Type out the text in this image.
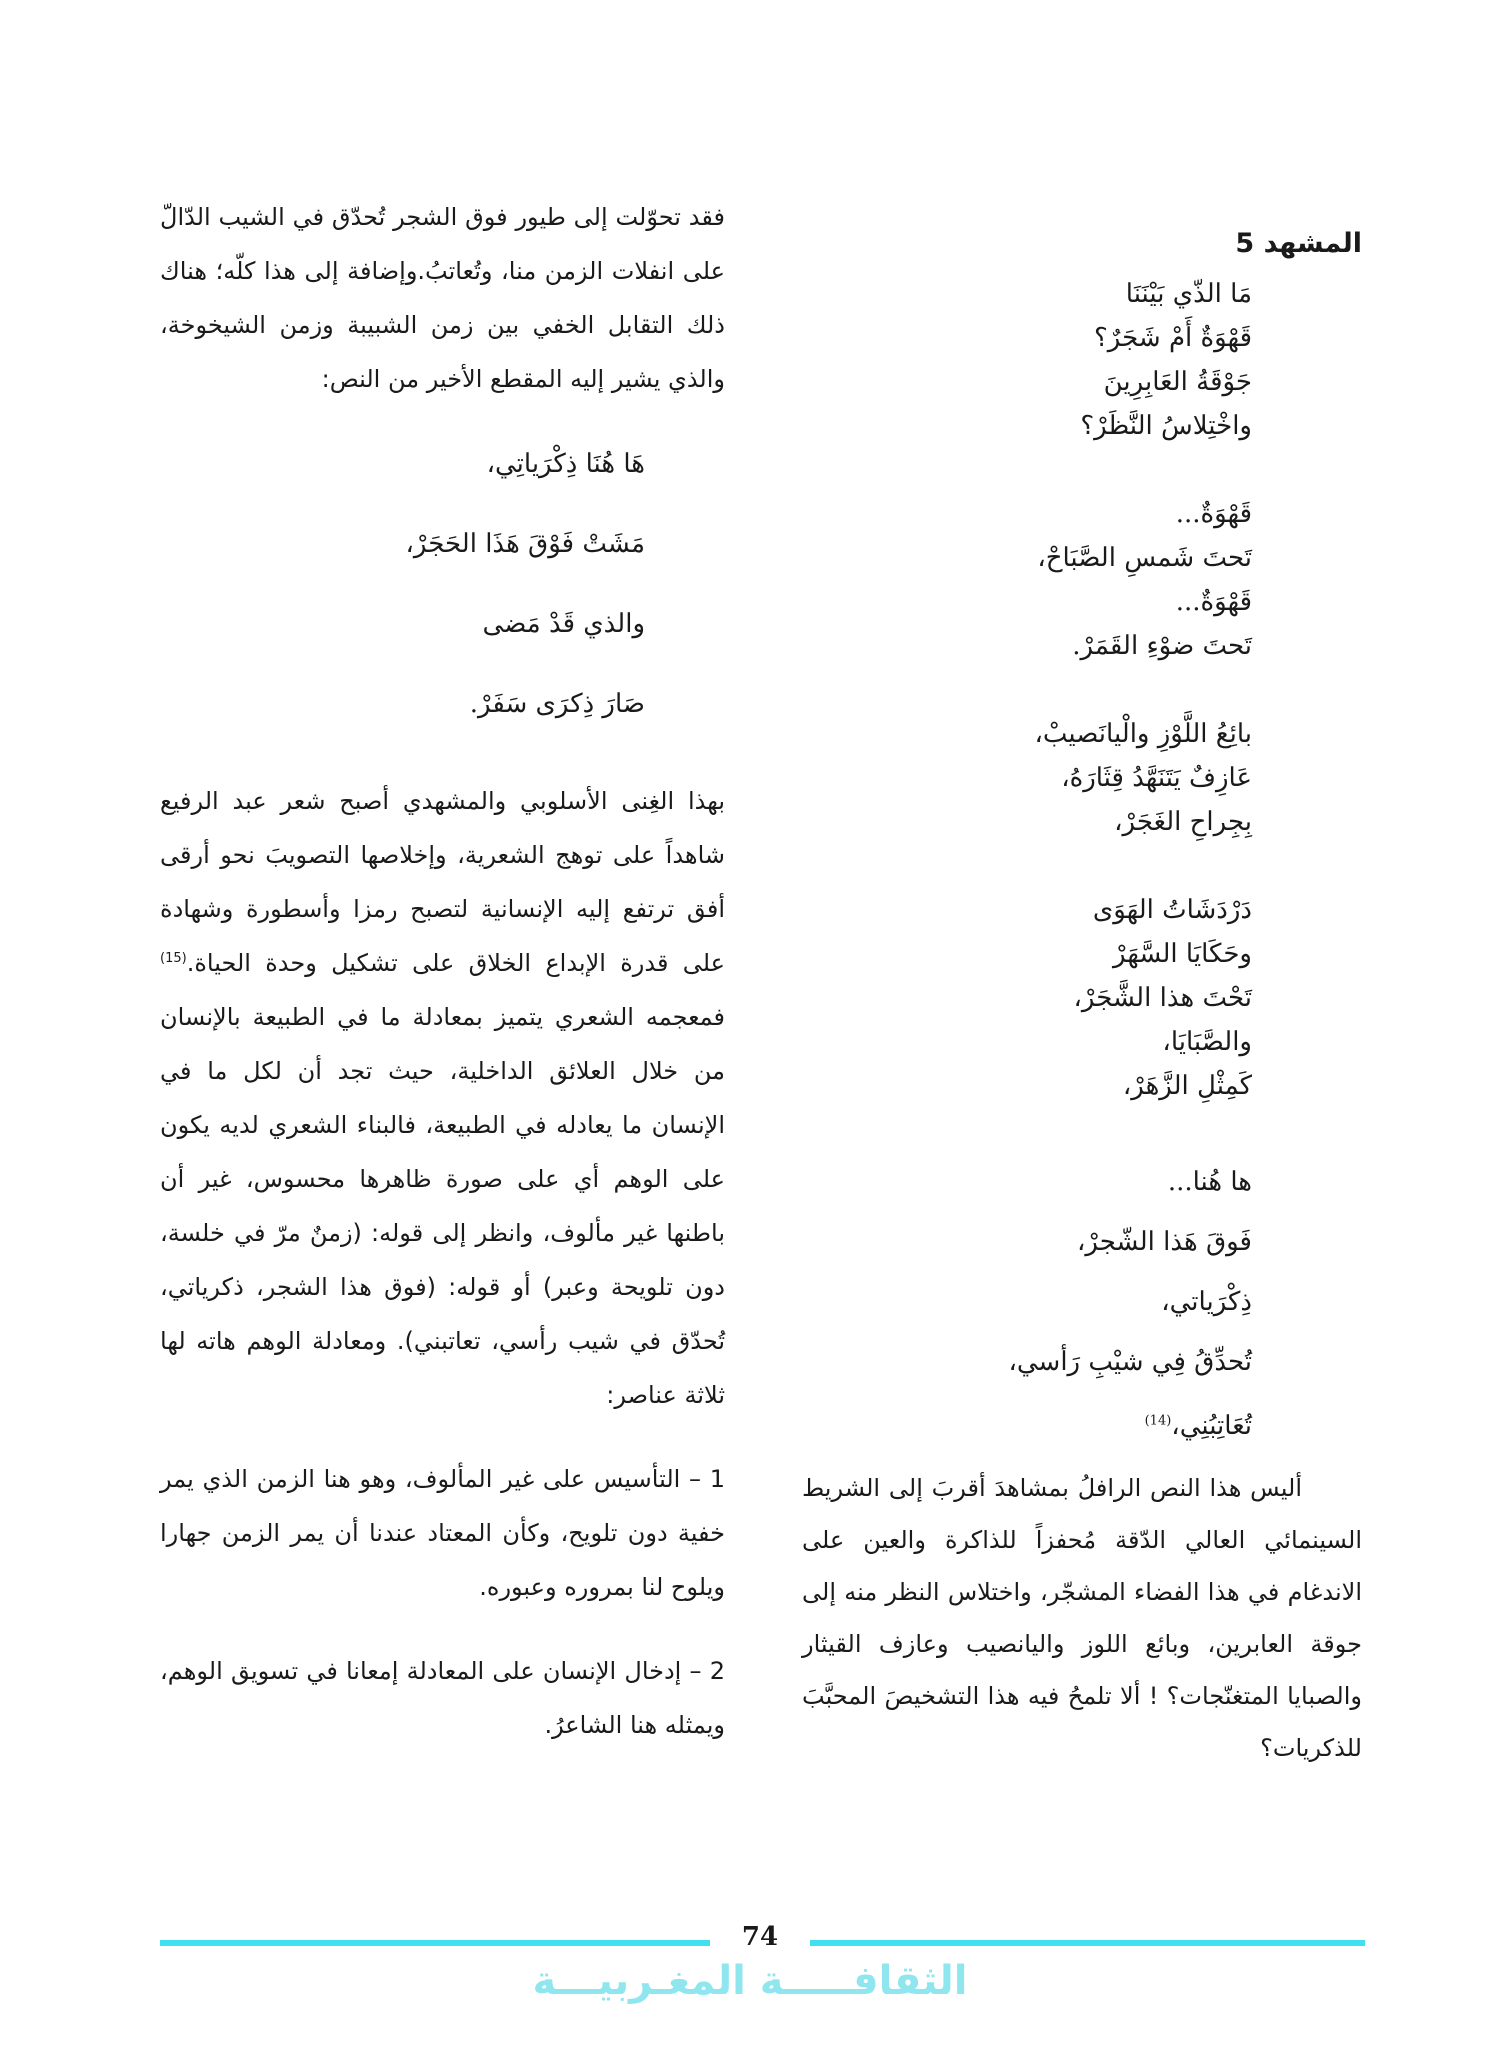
المشهد 5
مَا الذّي بَيْنَنَا
قَهْوَةٌ أَمْ شَجَرٌ؟
جَوْقَةُ العَابِرِينَ
واخْتِلاسُ النَّظَرْ؟
قَهْوَةٌ...
تَحتَ شَمسِ الصَّبَاحْ،
قَهْوَةٌ...
تَحتَ ضوْءِ القَمَرْ.
بائِعُ اللَّوْزِ والْيانَصيبْ،
عَازِفٌ يَتَنَهَّدُ قِثَارَهُ،
بِجِراحِ الغَجَرْ،
دَرْدَشَاتُ الهَوَى
وحَكَايَا السَّهَرْ
تَحْتَ هذا الشَّجَرْ،
والصَّبَايَا،
كَمِثْلِ الزَّهَرْ،
ها هُنا...
فَوقَ هَذا الشّجرْ،
ذِكْرَياتي،
تُحدِّقُ فِي شيْبِ رَأسي،
تُعَاتِبُنِي،$^{(14)}$

أليس هذا النص الرافلُ بمشاهدَ أقربَ إلى الشريط السينمائي العالي الدّقة مُحفزاً للذاكرة والعين على الاندغام في هذا الفضاء المشجّر، واختلاس النظر منه إلى جوقة العابرين، وبائع اللوز واليانصيب وعازف القيثار والصبايا المتغنّجات؟ ! ألا تلمحُ فيه هذا التشخيصَ المحبَّبَ للذكريات؟

فقد تحوّلت إلى طيور فوق الشجر تُحدّق في الشيب الدّالّ على انفلات الزمن منا، وتُعاتبُ.وإضافة إلى هذا كلّه؛ هناك ذلك التقابل الخفي بين زمن الشبيبة وزمن الشيخوخة، والذي يشير إليه المقطع الأخير من النص:

هَا هُنَا ذِكْرَياتِي،
مَشَتْ فَوْقَ هَذَا الحَجَرْ،
والذي قَدْ مَضى
صَارَ ذِكرَى سَفَرْ.

بهذا الغِنى الأسلوبي والمشهدي أصبح شعر عبد الرفيع شاهداً على توهج الشعرية، وإخلاصها التصويبَ نحو أرقى أفق ترتفع إليه الإنسانية لتصبح رمزا وأسطورة وشهادة على قدرة الإبداع الخلاق على تشكيل وحدة الحياة.$^{(15)}$ فمعجمه الشعري يتميز بمعادلة ما في الطبيعة بالإنسان من خلال العلائق الداخلية، حيث تجد أن لكل ما في الإنسان ما يعادله في الطبيعة، فالبناء الشعري لديه يكون على الوهم أي على صورة ظاهرها محسوس، غير أن باطنها غير مألوف، وانظر إلى قوله: (زمنٌ مرّ في خلسة، دون تلويحة وعبر) أو قوله: (فوق هذا الشجر، ذكرياتي، تُحدّق في شيب رأسي، تعاتبني). ومعادلة الوهم هاته لها ثلاثة عناصر:

1 – التأسيس على غير المألوف، وهو هنا الزمن الذي يمر خفية دون تلويح، وكأن المعتاد عندنا أن يمر الزمن جهارا ويلوح لنا بمروره وعبوره.

2 – إدخال الإنسان على المعادلة إمعانا في تسويق الوهم، ويمثله هنا الشاعرُ.

74
الثقافـــــة المغـربيـــة
